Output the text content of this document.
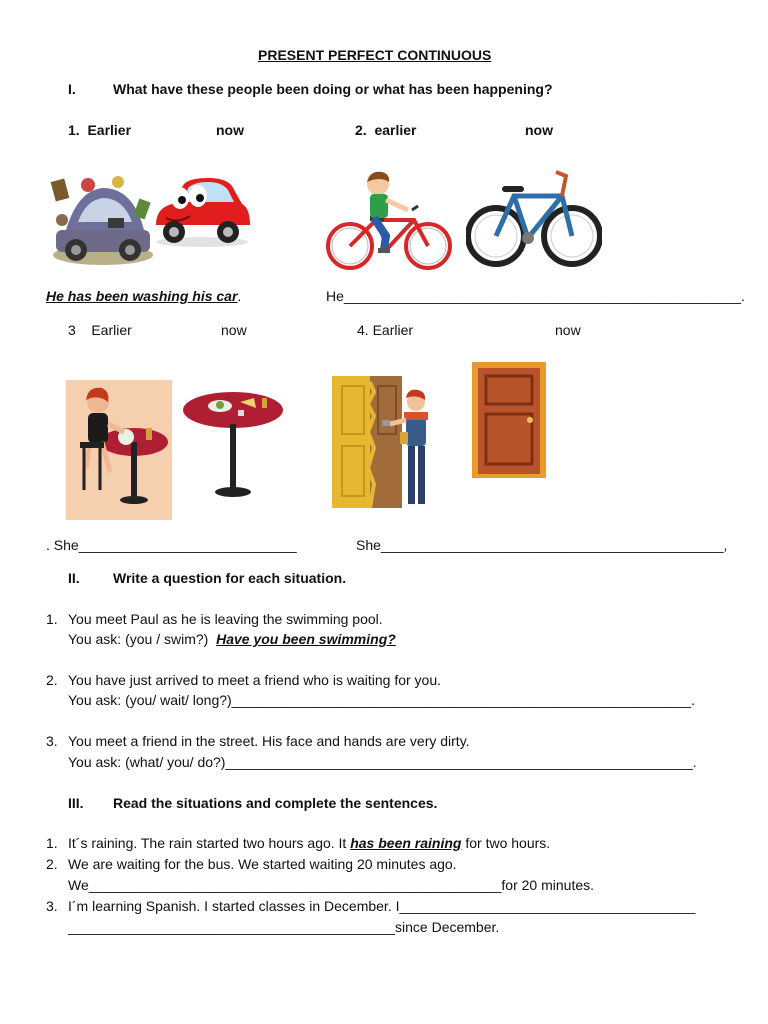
PRESENT PERFECT CONTINUOUS
I.	What have these people been doing or what has been happening?
1.  Earlier	now	2.  earlier	now
He has been washing his car.	He___________________________________________________.
3    Earlier	now	4. Earlier	now
. She____________________________	She____________________________________________,
II. Write a question for each situation.
1. You meet Paul as he is leaving the swimming pool.
You ask: (you / swim?)  Have you been swimming?
2. You have just arrived to meet a friend who is waiting for you.
You ask: (you/ wait/ long?)___________________________________________________________.
3. You meet a friend in the street. His face and hands are very dirty.
You ask: (what/ you/ do?)____________________________________________________________.
III. Read the situations and complete the sentences.
1. It´s raining. The rain started two hours ago. It has been raining for two hours.
2. We are waiting for the bus. We started waiting 20 minutes ago.
We_____________________________________________________for 20 minutes.
3. I´m learning Spanish. I started classes in December. I______________________________________
__________________________________________since December.
